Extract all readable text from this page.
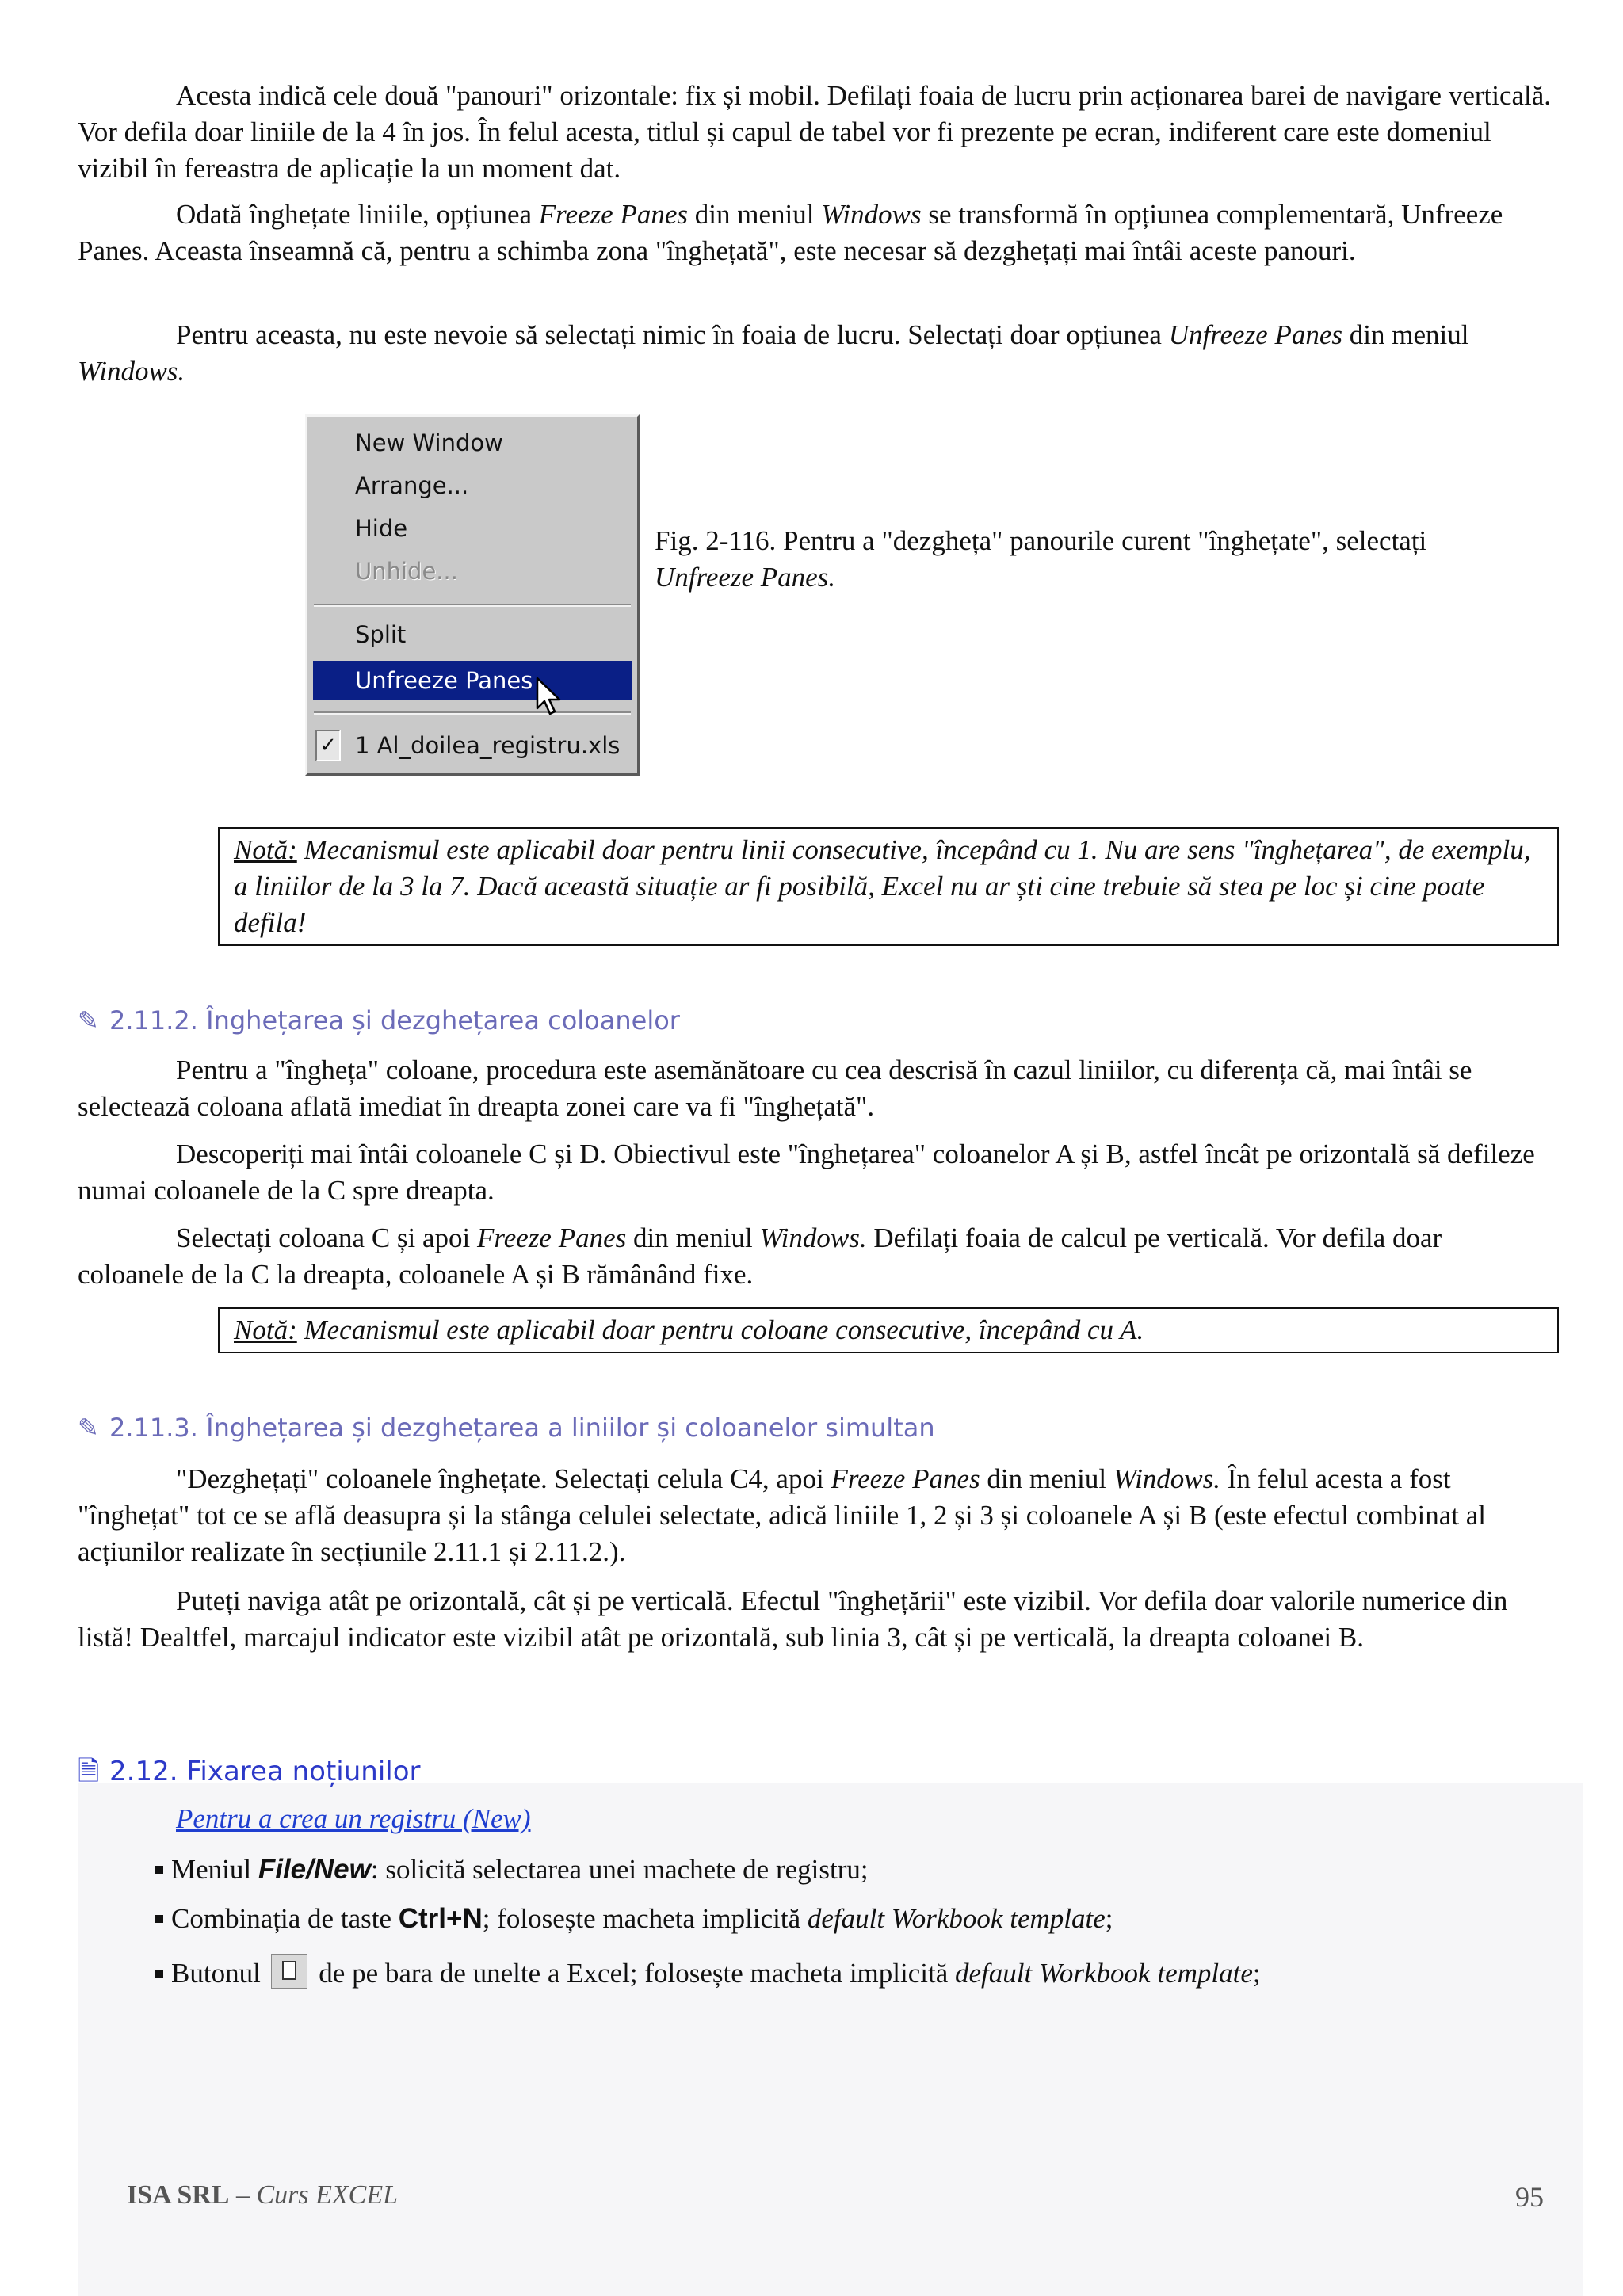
Acesta indică cele două "panouri" orizontale: fix și mobil. Defilați foaia de lucru prin acționarea barei de navigare verticală. Vor defila doar liniile de la 4 în jos. În felul acesta, titlul și capul de tabel vor fi prezente pe ecran, indiferent care este domeniul vizibil în fereastra de aplicație la un moment dat.

Odată înghețate liniile, opțiunea Freeze Panes din meniul Windows se transformă în opțiunea complementară, Unfreeze Panes. Aceasta înseamnă că, pentru a schimba zona "înghețată", este necesar să dezghețați mai întâi aceste panouri.

Pentru aceasta, nu este nevoie să selectați nimic în foaia de lucru. Selectați doar opțiunea Unfreeze Panes din meniul Windows.

New Window
Arrange...
Hide
Unhide...
Split
Unfreeze Panes
✓ 1 Al_doilea_registru.xls
Fig. 2-116. Pentru a "dezgheța" panourile curent "înghețate", selectați Unfreeze Panes.
Notă: Mecanismul este aplicabil doar pentru linii consecutive, începând cu 1. Nu are sens "înghețarea", de exemplu, a liniilor de la 3 la 7. Dacă această situație ar fi posibilă, Excel nu ar ști cine trebuie să stea pe loc și cine poate defila!
✎ 2.11.2. Înghețarea și dezghețarea coloanelor

Pentru a "îngheța" coloane, procedura este asemănătoare cu cea descrisă în cazul liniilor, cu diferența că, mai întâi se selectează coloana aflată imediat în dreapta zonei care va fi "înghețată".

Descoperiți mai întâi coloanele C și D. Obiectivul este "înghețarea" coloanelor A și B, astfel încât pe orizontală să defileze numai coloanele de la C spre dreapta.

Selectați coloana C și apoi Freeze Panes din meniul Windows. Defilați foaia de calcul pe verticală. Vor defila doar coloanele de la C la dreapta, coloanele A și B rămânând fixe.

Notă: Mecanismul este aplicabil doar pentru coloane consecutive, începând cu A.
✎ 2.11.3. Înghețarea și dezghețarea a liniilor și coloanelor simultan

"Dezghețați" coloanele înghețate. Selectați celula C4, apoi Freeze Panes din meniul Windows. În felul acesta a fost "înghețat" tot ce se află deasupra și la stânga celulei selectate, adică liniile 1, 2 și 3 și coloanele A și B (este efectul combinat al acțiunilor realizate în secțiunile 2.11.1 și 2.11.2.).

Puteți naviga atât pe orizontală, cât și pe verticală. Efectul "înghețării" este vizibil. Vor defila doar valorile numerice din listă! Dealtfel, marcajul indicator este vizibil atât pe orizontală, sub linia 3, cât și pe verticală, la dreapta coloanei B.

🗎 2.12. Fixarea noțiunilor
Pentru a crea un registru (New)
Meniul File/New: solicită selectarea unei machete de registru;
Combinația de taste Ctrl+N; folosește macheta implicită default Workbook template;
Butonul
de pe bara de unelte a Excel; folosește macheta implicită default Workbook template;
ISA SRL – Curs EXCEL	95
